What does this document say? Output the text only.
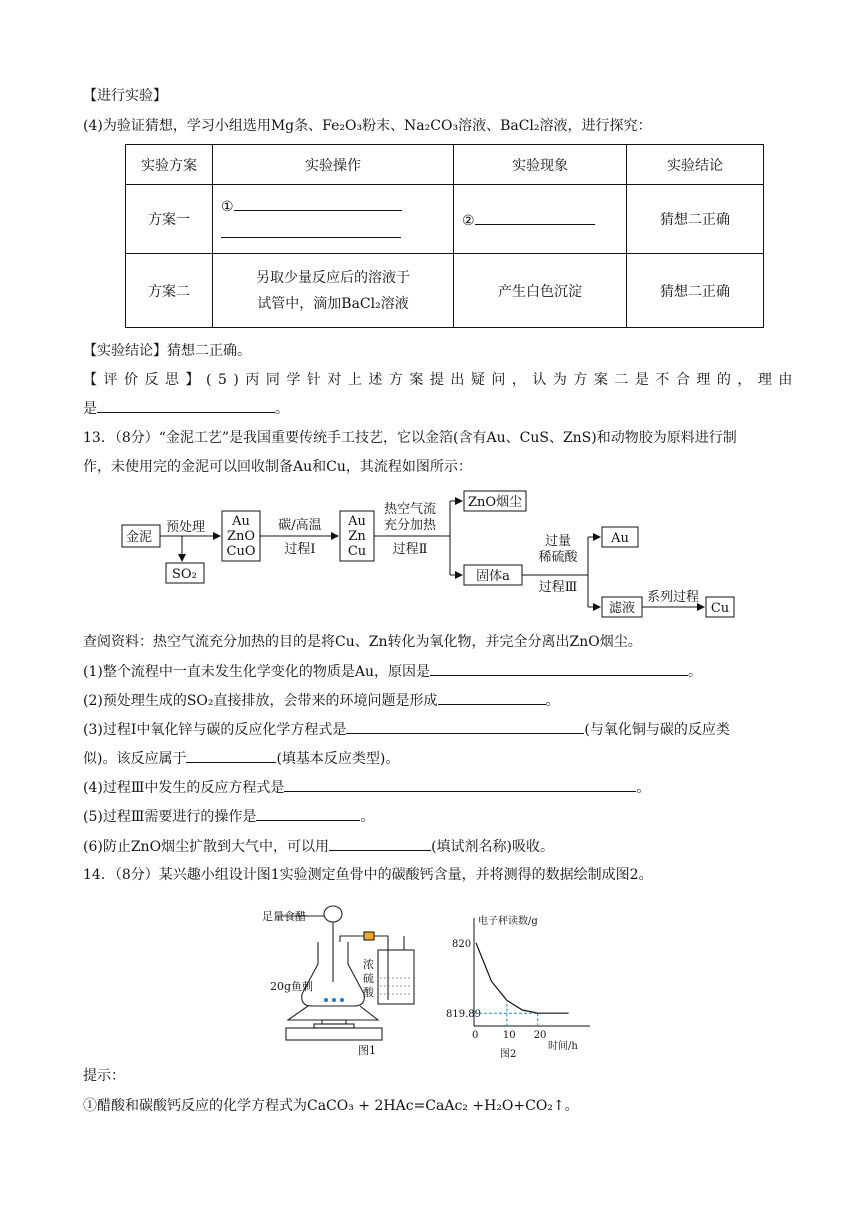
【进行实验】
(4)为验证猜想，学习小组选用Mg条、Fe₂O₃粉末、Na₂CO₃溶液、BaCl₂溶液，进行探究：
实验方案	实验操作	实验现象	实验结论
方案一	①	②	猜想二正确
方案二	另取少量反应后的溶液于
试管中，滴加BaCl₂溶液	产生白色沉淀	猜想二正确
【实验结论】猜想二正确。
【评价反思】(5)丙同学针对上述方案提出疑问，认为方案二是不合理的，理由
是	。
13．（8分）“金泥工艺”是我国重要传统手工技艺，它以金箔(含有Au、CuS、ZnS)和动物胶为原料进行制
作，未使用完的金泥可以回收制备Au和Cu，其流程如图所示：
金泥
预处理
SO₂
Au
ZnO
CuO
碳/高温
过程Ⅰ
Au
Zn
Cu
热空气流
充分加热
过程Ⅱ
ZnO烟尘
固体a
过量
稀硫酸
过程Ⅲ
Au
滤液
系列过程
Cu
查阅资料：热空气流充分加热的目的是将Cu、Zn转化为氧化物，并完全分离出ZnO烟尘。
(1)整个流程中一直未发生化学变化的物质是Au，原因是	。
(2)预处理生成的SO₂直接排放，会带来的环境问题是形成	。
(3)过程Ⅰ中氧化锌与碳的反应化学方程式是	(与氧化铜与碳的反应类
似)。该反应属于	(填基本反应类型)。
(4)过程Ⅲ中发生的反应方程式是	。
(5)过程Ⅲ需要进行的操作是	。
(6)防止ZnO烟尘扩散到大气中，可以用	(填试剂名称)吸收。
14．（8分）某兴趣小组设计图1实验测定鱼骨中的碳酸钙含量，并将测得的数据绘制成图2。
足量食醋
20g鱼刺
浓
硫
酸
图1
电子秤读数/g
时间/h
820
819.89
0 10 20
图2
提示：
①醋酸和碳酸钙反应的化学方程式为CaCO₃ + 2HAc=CaAc₂ +H₂O+CO₂↑。
